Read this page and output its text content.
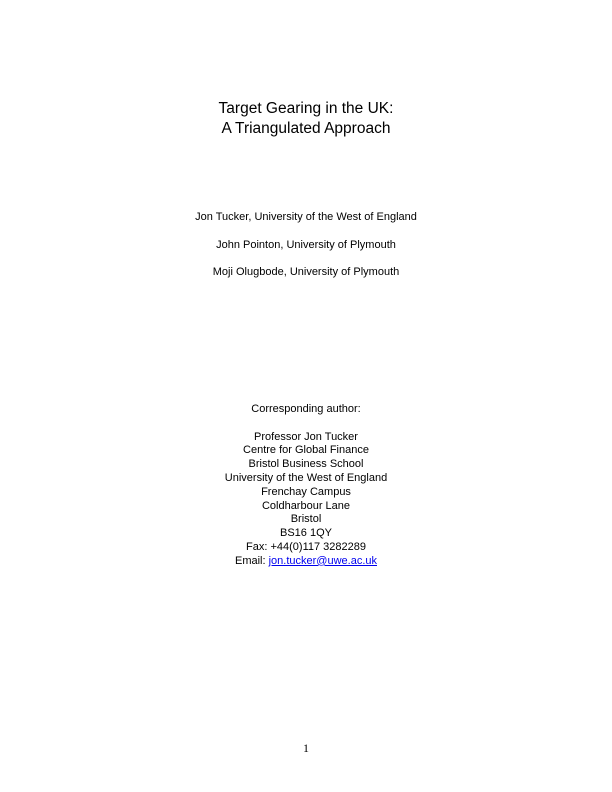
Target Gearing in the UK:
A Triangulated Approach
Jon Tucker, University of the West of England
John Pointon, University of Plymouth
Moji Olugbode, University of Plymouth
Corresponding author:
Professor Jon Tucker
Centre for Global Finance
Bristol Business School
University of the West of England
Frenchay Campus
Coldharbour Lane
Bristol
BS16 1QY
Fax: +44(0)117 3282289
Email: jon.tucker@uwe.ac.uk
1
